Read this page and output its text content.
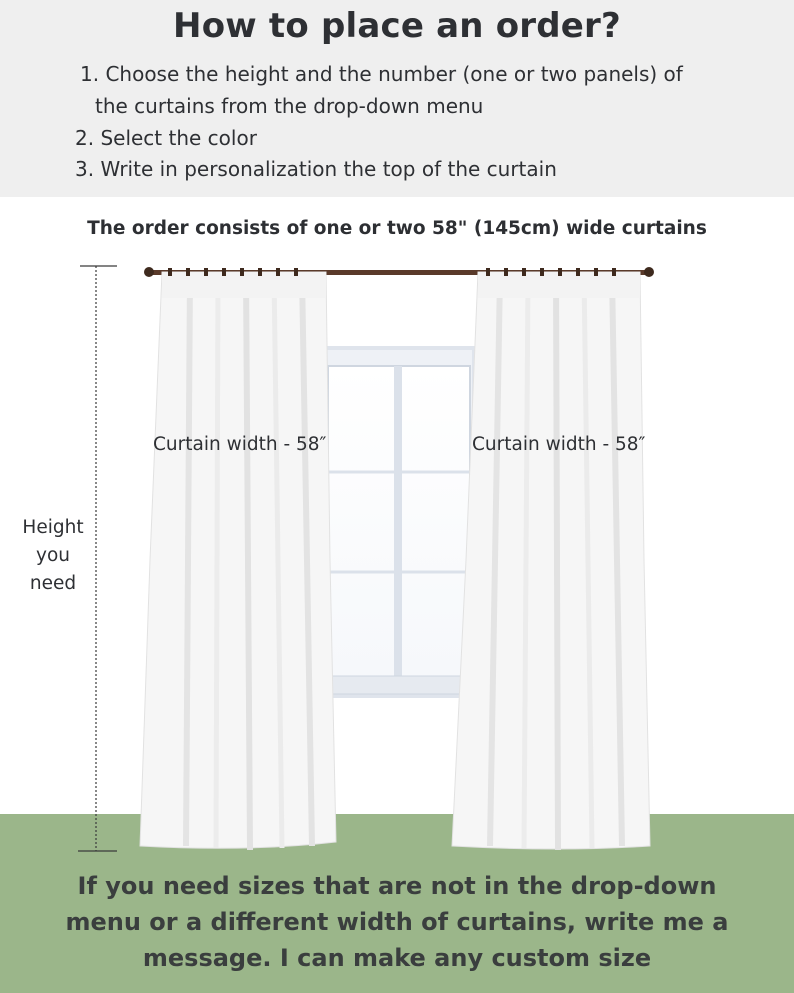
How to place an order?
1. Choose the height and the number (one or two panels) of
the curtains from the drop-down menu
2. Select the color
3. Write in personalization the top of the curtain
The order consists of one or two 58" (145cm) wide curtains
Curtain width - 58″	Curtain width - 58″
Height
you
need
If you need sizes that are not in the drop-down
menu or a different width of curtains, write me a
message. I can make any custom size
